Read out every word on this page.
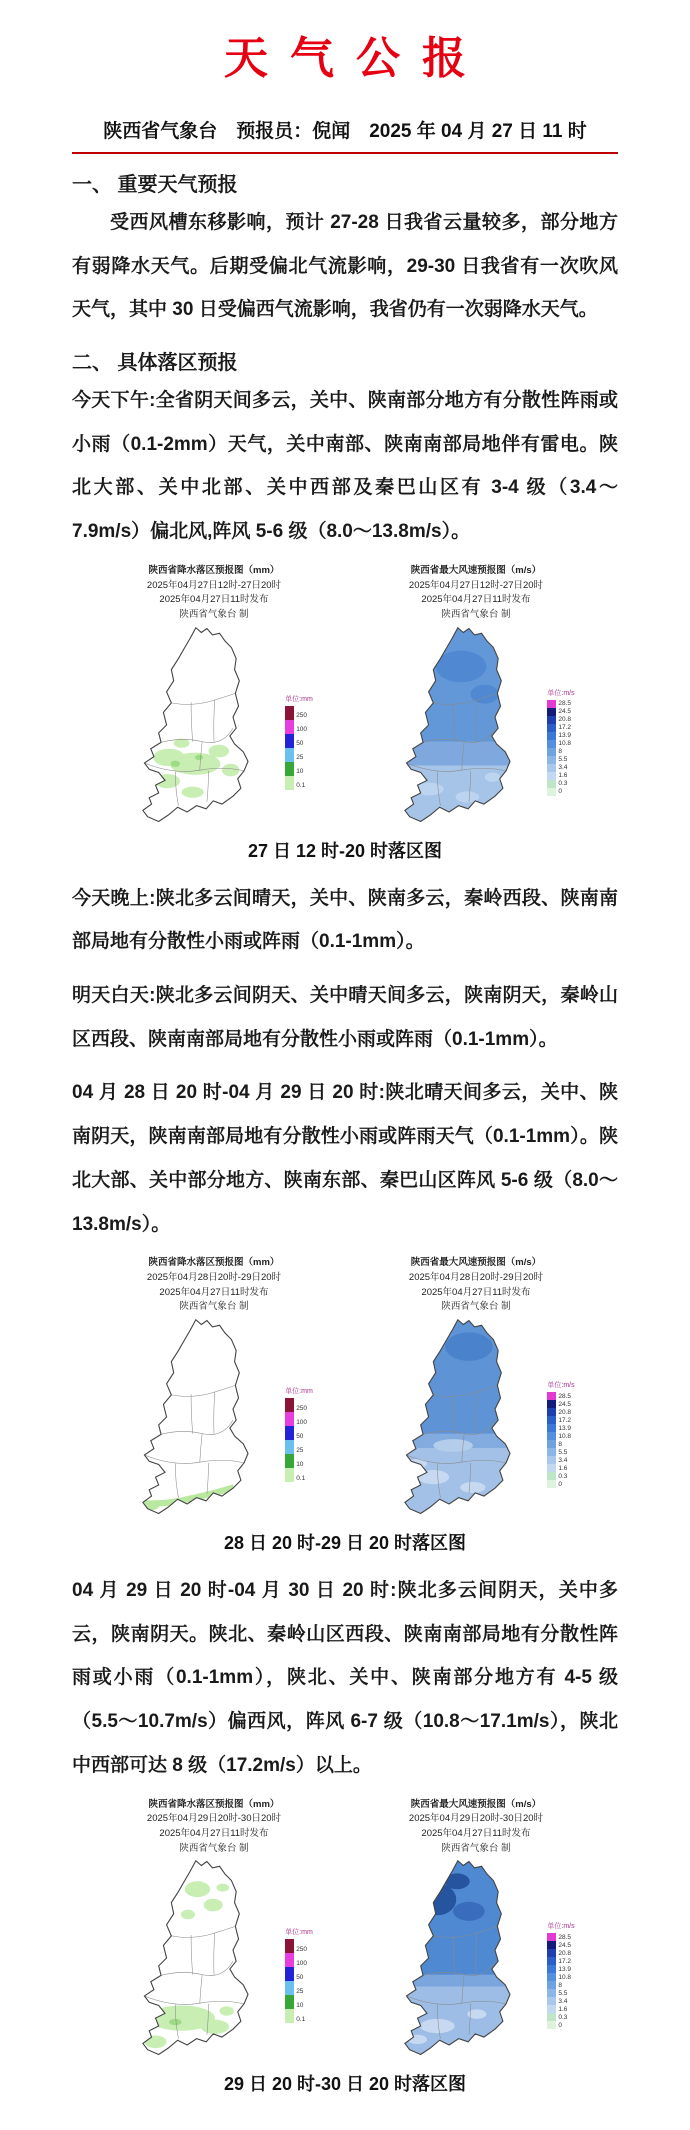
天气公报
陕西省气象台　预报员：倪闻　2025 年 04 月 27 日 11 时
一、 重要天气预报

受西风槽东移影响，预计 27-28 日我省云量较多，部分地方有弱降水天气。后期受偏北气流影响，29-30 日我省有一次吹风天气，其中 30 日受偏西气流影响，我省仍有一次弱降水天气。

二、 具体落区预报

今天下午:全省阴天间多云，关中、陕南部分地方有分散性阵雨或小雨（0.1-2mm）天气，关中南部、陕南南部局地伴有雷电。陕北大部、关中北部、关中西部及秦巴山区有 3-4 级（3.4～7.9m/s）偏北风,阵风 5-6 级（8.0～13.8m/s）。

陕西省降水落区预报图（mm）
2025年04月27日12时-27日20时
2025年04月27日11时发布
陕西省气象台 制
单位:mm
250
100
50
25
10
0.1
陕西省最大风速预报图（m/s）
2025年04月27日12时-27日20时
2025年04月27日11时发布
陕西省气象台 制
单位:m/s
28.5
24.5
20.8
17.2
13.9
10.8
8
5.5
3.4
1.6
0.3
0
27 日 12 时-20 时落区图

今天晚上:陕北多云间晴天，关中、陕南多云，秦岭西段、陕南南部局地有分散性小雨或阵雨（0.1-1mm）。

明天白天:陕北多云间阴天、关中晴天间多云，陕南阴天，秦岭山区西段、陕南南部局地有分散性小雨或阵雨（0.1-1mm）。

04 月 28 日 20 时-04 月 29 日 20 时:陕北晴天间多云，关中、陕南阴天，陕南南部局地有分散性小雨或阵雨天气（0.1-1mm）。陕北大部、关中部分地方、陕南东部、秦巴山区阵风 5-6 级（8.0～13.8m/s）。

陕西省降水落区预报图（mm）
2025年04月28日20时-29日20时
2025年04月27日11时发布
陕西省气象台 制
单位:mm
250
100
50
25
10
0.1
陕西省最大风速预报图（m/s）
2025年04月28日20时-29日20时
2025年04月27日11时发布
陕西省气象台 制
单位:m/s
28.5
24.5
20.8
17.2
13.9
10.8
8
5.5
3.4
1.6
0.3
0
28 日 20 时-29 日 20 时落区图

04 月 29 日 20 时-04 月 30 日 20 时:陕北多云间阴天，关中多云，陕南阴天。陕北、秦岭山区西段、陕南南部局地有分散性阵雨或小雨（0.1-1mm），陕北、关中、陕南部分地方有 4-5 级（5.5～10.7m/s）偏西风，阵风 6-7 级（10.8～17.1m/s），陕北中西部可达 8 级（17.2m/s）以上。

陕西省降水落区预报图（mm）
2025年04月29日20时-30日20时
2025年04月27日11时发布
陕西省气象台 制
单位:mm
250
100
50
25
10
0.1
陕西省最大风速预报图（m/s）
2025年04月29日20时-30日20时
2025年04月27日11时发布
陕西省气象台 制
单位:m/s
28.5
24.5
20.8
17.2
13.9
10.8
8
5.5
3.4
1.6
0.3
0
29 日 20 时-30 日 20 时落区图
